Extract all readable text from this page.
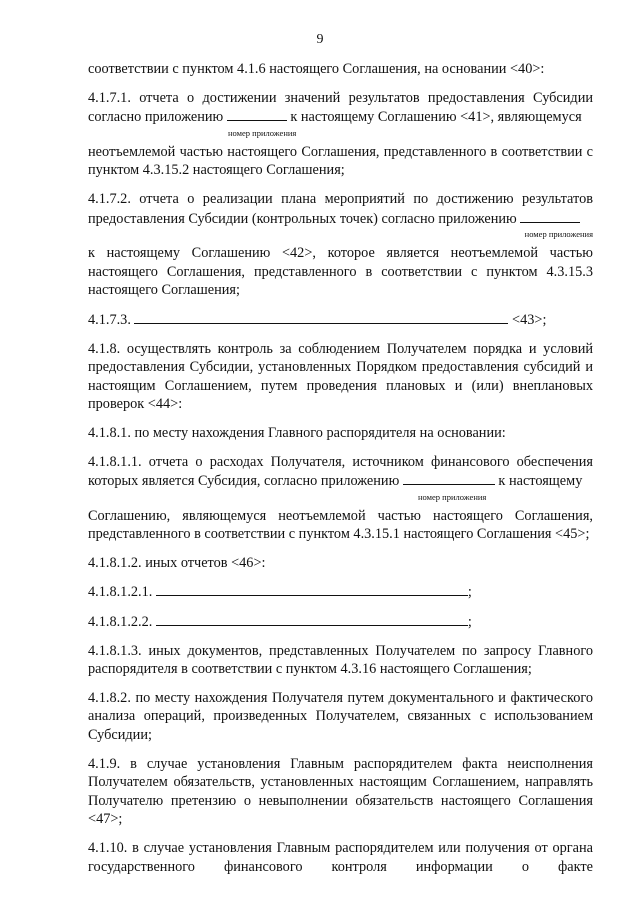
9

соответствии с пунктом 4.1.6 настоящего Соглашения, на основании <40>:

4.1.7.1. отчета о достижении значений результатов предоставления Субсидии согласно приложению	к настоящему Соглашению <41>, являющемуся

номер приложения

неотъемлемой частью настоящего Соглашения, представленного в соответствии с пунктом 4.3.15.2 настоящего Соглашения;

4.1.7.2. отчета о реализации плана мероприятий по достижению результатов предоставления Субсидии (контрольных точек) согласно приложению

номер приложения

к настоящему Соглашению <42>, которое является неотъемлемой частью настоящего Соглашения, представленного в соответствии с пунктом 4.3.15.3 настоящего Соглашения;

4.1.7.3.	<43>;

4.1.8. осуществлять контроль за соблюдением Получателем порядка и условий предоставления Субсидии, установленных Порядком предоставления субсидий и настоящим Соглашением, путем проведения плановых и (или) внеплановых проверок <44>:

4.1.8.1. по месту нахождения Главного распорядителя на основании:

4.1.8.1.1. отчета о расходах Получателя, источником финансового обеспечения которых является Субсидия, согласно приложению	к настоящему

номер приложения

Соглашению, являющемуся неотъемлемой частью настоящего Соглашения, представленного в соответствии с пунктом 4.3.15.1 настоящего Соглашения <45>;

4.1.8.1.2. иных отчетов <46>:

4.1.8.1.2.1.	;
4.1.8.1.2.2.	;

4.1.8.1.3. иных документов, представленных Получателем по запросу Главного распорядителя в соответствии с пунктом 4.3.16 настоящего Соглашения;

4.1.8.2. по месту нахождения Получателя путем документального и фактического анализа операций, произведенных Получателем, связанных с использованием Субсидии;

4.1.9. в случае установления Главным распорядителем факта неисполнения Получателем обязательств, установленных настоящим Соглашением, направлять Получателю претензию о невыполнении обязательств настоящего Соглашения <47>;

4.1.10. в случае установления Главным распорядителем или получения от органа государственного финансового контроля информации о факте
